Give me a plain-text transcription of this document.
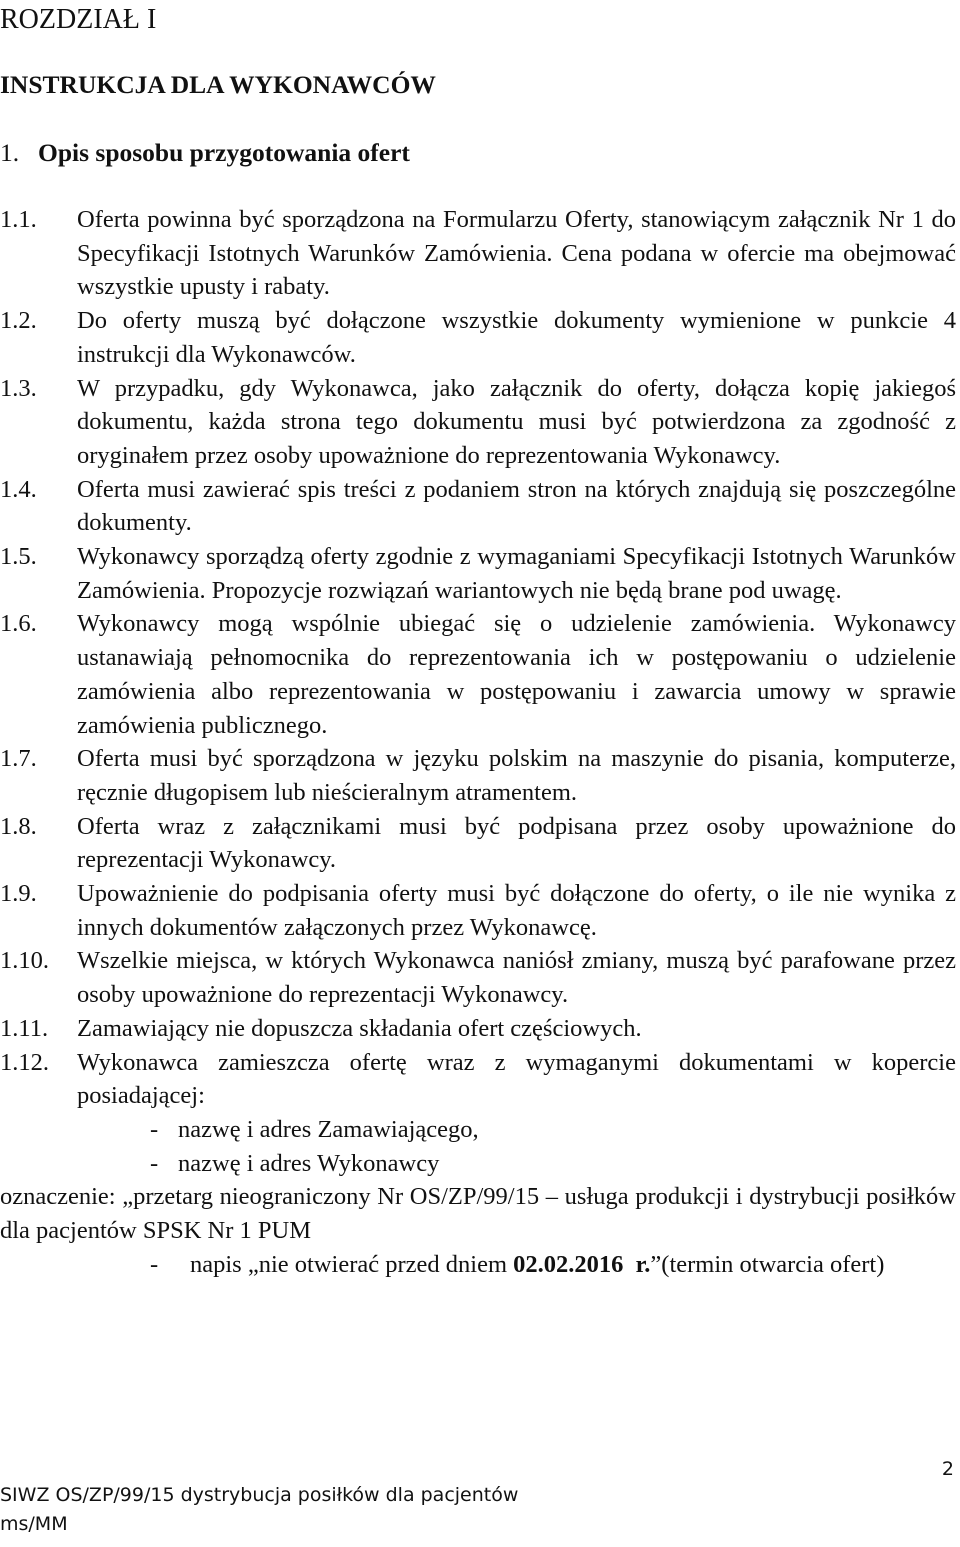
ROZDZIAŁ I
INSTRUKCJA DLA WYKONAWCÓW
1. Opis sposobu przygotowania ofert
1.1. Oferta powinna być sporządzona na Formularzu Oferty, stanowiącym załącznik Nr 1 do Specyfikacji Istotnych Warunków Zamówienia. Cena podana w ofercie ma obejmować wszystkie upusty i rabaty.
1.2. Do oferty muszą być dołączone wszystkie dokumenty wymienione w punkcie 4 instrukcji dla Wykonawców.
1.3. W przypadku, gdy Wykonawca, jako załącznik do oferty, dołącza kopię jakiegoś dokumentu, każda strona tego dokumentu musi być potwierdzona za zgodność z oryginałem przez osoby upoważnione do reprezentowania Wykonawcy.
1.4. Oferta musi zawierać spis treści z podaniem stron na których znajdują się poszczególne dokumenty.
1.5. Wykonawcy sporządzą oferty zgodnie z wymaganiami Specyfikacji Istotnych Warunków Zamówienia. Propozycje rozwiązań wariantowych nie będą brane pod uwagę.
1.6. Wykonawcy mogą wspólnie ubiegać się o udzielenie zamówienia. Wykonawcy ustanawiają pełnomocnika do reprezentowania ich w postępowaniu o udzielenie zamówienia albo reprezentowania w postępowaniu i zawarcia umowy w sprawie zamówienia publicznego.
1.7. Oferta musi być sporządzona w języku polskim na maszynie do pisania, komputerze, ręcznie długopisem lub nieścieralnym atramentem.
1.8. Oferta wraz z załącznikami musi być podpisana przez osoby upoważnione do reprezentacji Wykonawcy.
1.9. Upoważnienie do podpisania oferty musi być dołączone do oferty, o ile nie wynika z innych dokumentów załączonych przez Wykonawcę.
1.10. Wszelkie miejsca, w których Wykonawca naniósł zmiany, muszą być parafowane przez osoby upoważnione do reprezentacji Wykonawcy.
1.11. Zamawiający nie dopuszcza składania ofert częściowych.
1.12. Wykonawca zamieszcza ofertę wraz z wymaganymi dokumentami w kopercie posiadającej:
- nazwę i adres Zamawiającego,
- nazwę i adres Wykonawcy
oznaczenie: „przetarg nieograniczony Nr OS/ZP/99/15 – usługa produkcji i dystrybucji posiłków dla pacjentów SPSK Nr 1 PUM
- napis „nie otwierać przed dniem 02.02.2016 r.”(termin otwarcia ofert)
2
SIWZ OS/ZP/99/15 dystrybucja posiłków dla pacjentów
ms/MM
